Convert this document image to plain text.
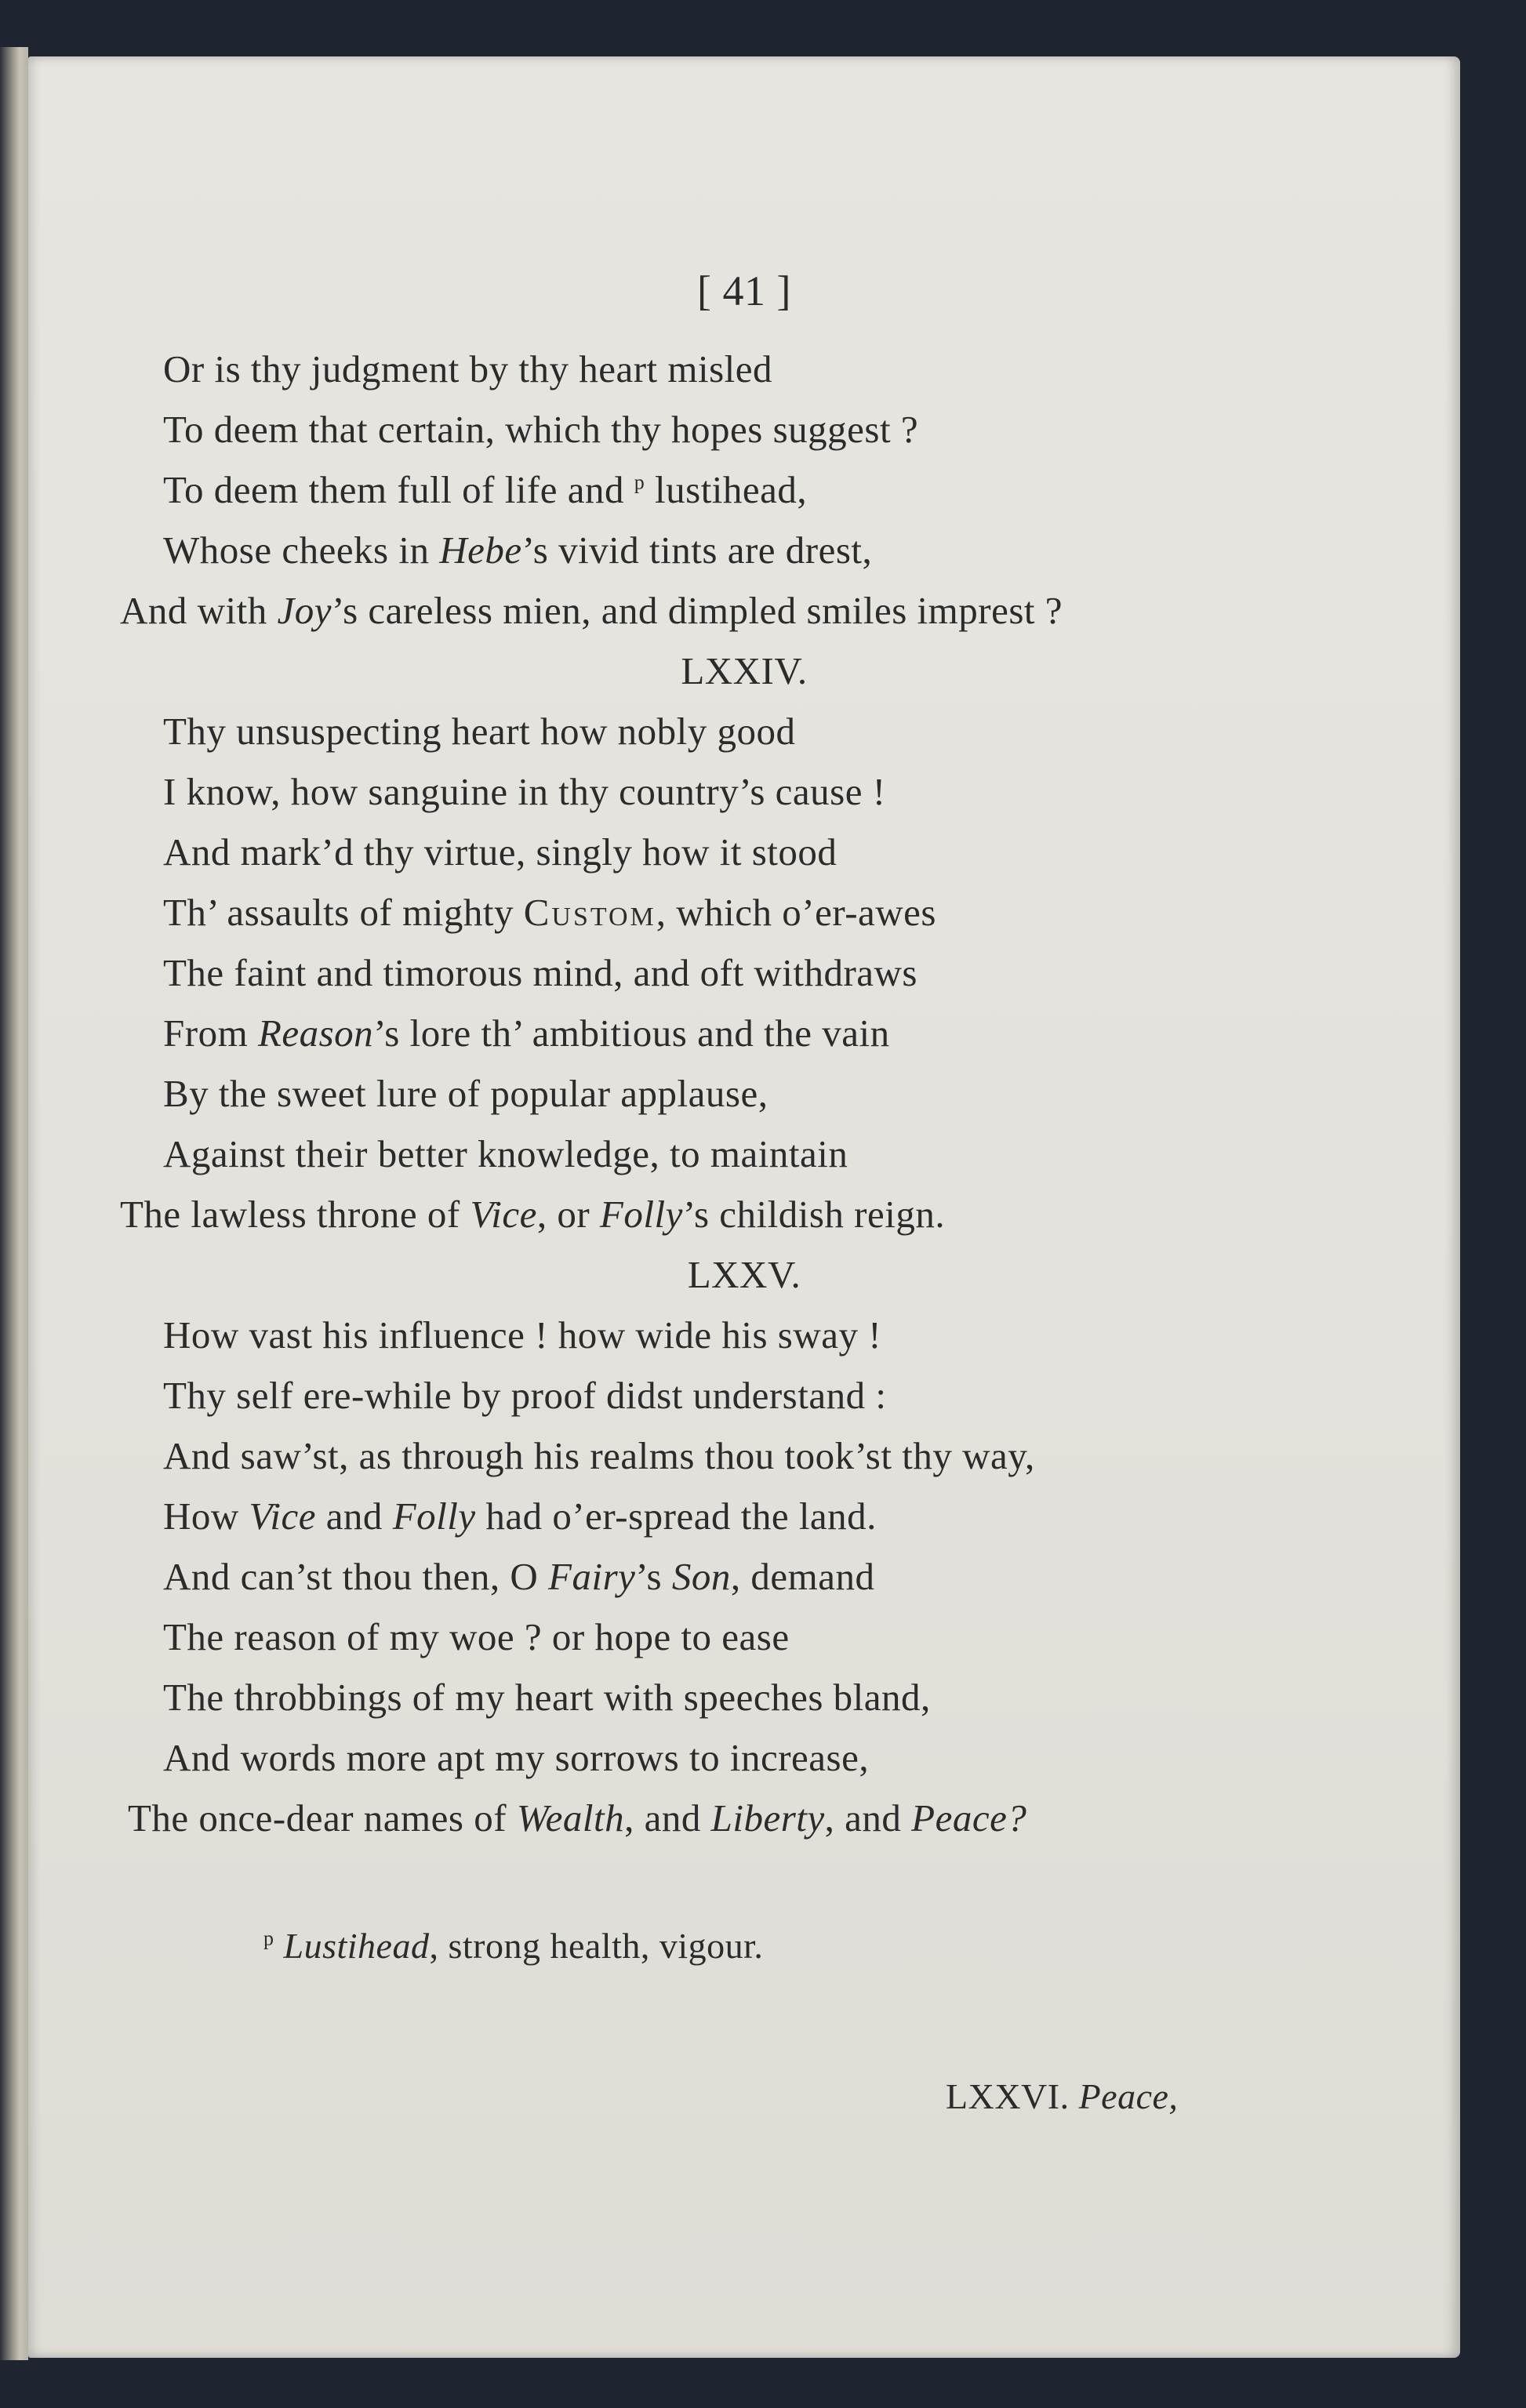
[ 41 ]
Or is thy judgment by thy heart misled
To deem that certain, which thy hopes suggest ?
To deem them full of life and $^p$ lustihead,
Whose cheeks in Hebe’s vivid tints are drest,
And with Joy’s careless mien, and dimpled smiles imprest ?
LXXIV.
Thy unsuspecting heart how nobly good
I know, how sanguine in thy country’s cause !
And mark’d thy virtue, singly how it stood
Th’ assaults of mighty Custom, which o’er-awes
The faint and timorous mind, and oft withdraws
From Reason’s lore th’ ambitious and the vain
By the sweet lure of popular applause,
Against their better knowledge, to maintain
The lawless throne of Vice, or Folly’s childish reign.
LXXV.
How vast his influence ! how wide his sway !
Thy self ere-while by proof didst understand :
And saw’st, as through his realms thou took’st thy way,
How Vice and Folly had o’er-spread the land.
And can’st thou then, O Fairy’s Son, demand
The reason of my woe ? or hope to ease
The throbbings of my heart with speeches bland,
And words more apt my sorrows to increase,
The once-dear names of Wealth, and Liberty, and Peace?
$^p$ Lustihead, strong health, vigour.
LXXVI. Peace,
